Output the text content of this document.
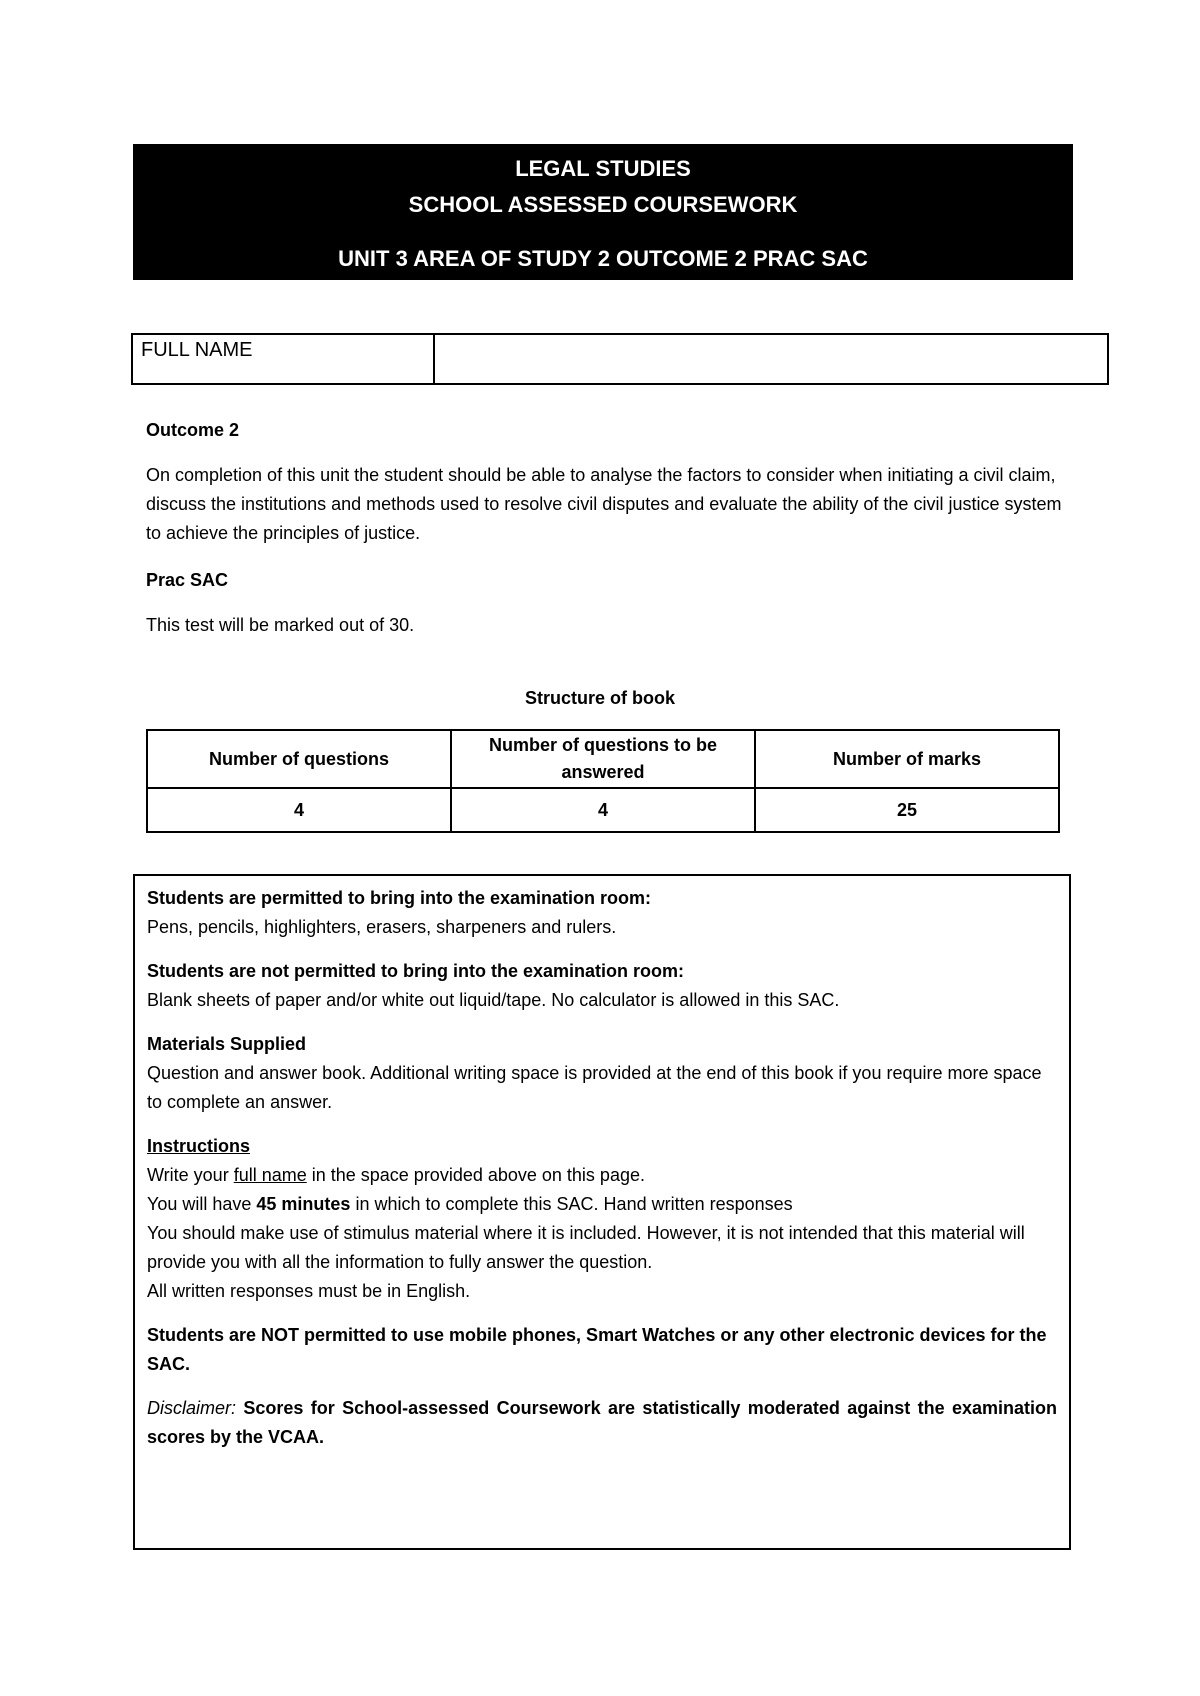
LEGAL STUDIES
SCHOOL ASSESSED COURSEWORK
UNIT 3 AREA OF STUDY 2 OUTCOME 2 PRAC SAC
FULL NAME	
Outcome 2
On completion of this unit the student should be able to analyse the factors to consider when initiating a civil claim, discuss the institutions and methods used to resolve civil disputes and evaluate the ability of the civil justice system to achieve the principles of justice.
Prac SAC
This test will be marked out of 30.
Structure of book
Number of questions	Number of questions to be answered	Number of marks
4	4	25

Students are permitted to bring into the examination room:
Pens, pencils, highlighters, erasers, sharpeners and rulers.

Students are not permitted to bring into the examination room:
Blank sheets of paper and/or white out liquid/tape. No calculator is allowed in this SAC.

Materials Supplied
Question and answer book. Additional writing space is provided at the end of this book if you require more space to complete an answer.

Instructions
Write your full name in the space provided above on this page.
You will have 45 minutes in which to complete this SAC. Hand written responses
You should make use of stimulus material where it is included. However, it is not intended that this material will provide you with all the information to fully answer the question.
All written responses must be in English.

Students are NOT permitted to use mobile phones, Smart Watches or any other electronic devices for the SAC.

Disclaimer: Scores for School-assessed Coursework are statistically moderated against the examination scores by the VCAA.
